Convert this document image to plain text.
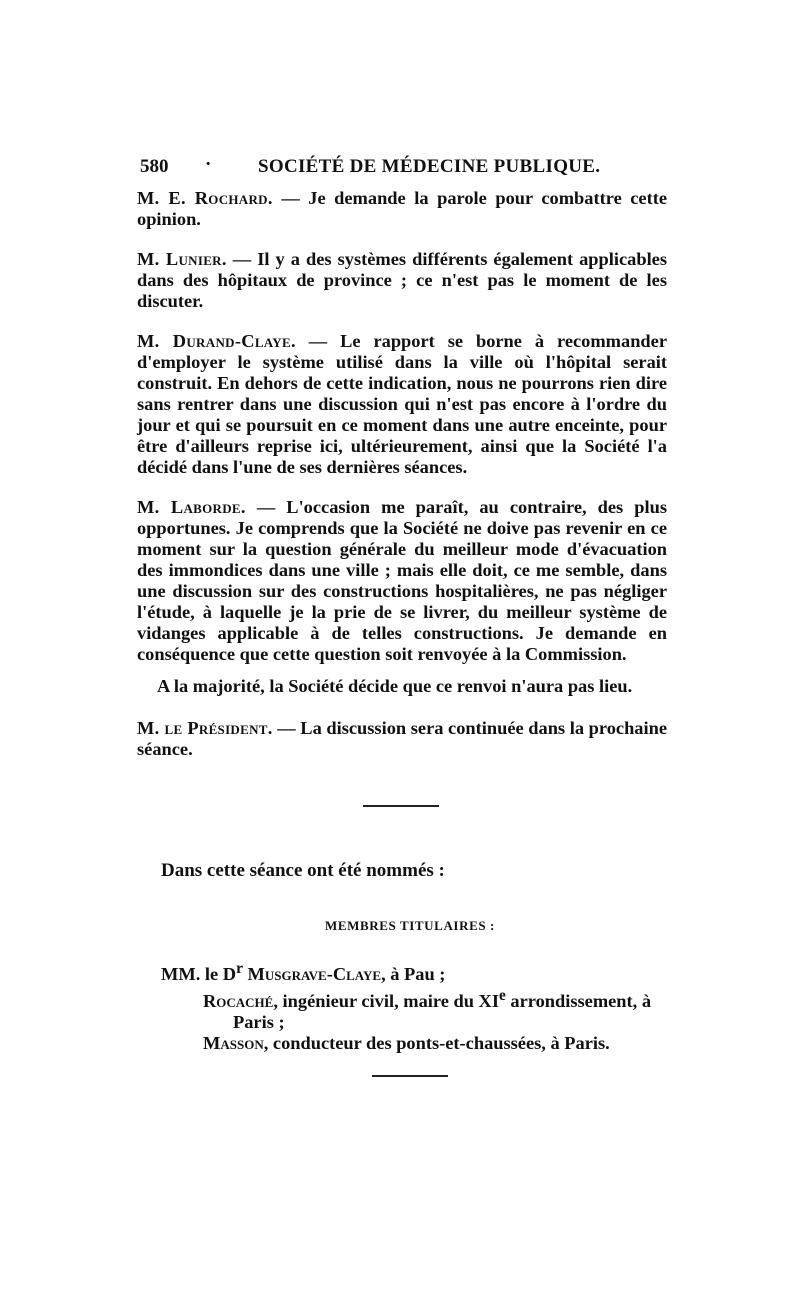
580 · SOCIÉTÉ DE MÉDECINE PUBLIQUE.

M. E. Rochard. — Je demande la parole pour combattre cette opinion.

M. Lunier. — Il y a des systèmes différents également applicables dans des hôpitaux de province ; ce n'est pas le moment de les discuter.

M. Durand-Claye. — Le rapport se borne à recommander d'employer le système utilisé dans la ville où l'hôpital serait construit. En dehors de cette indication, nous ne pourrons rien dire sans rentrer dans une discussion qui n'est pas encore à l'ordre du jour et qui se poursuit en ce moment dans une autre enceinte, pour être d'ailleurs reprise ici, ultérieurement, ainsi que la Société l'a décidé dans l'une de ses dernières séances.

M. Laborde. — L'occasion me paraît, au contraire, des plus opportunes. Je comprends que la Société ne doive pas revenir en ce moment sur la question générale du meilleur mode d'évacuation des immondices dans une ville ; mais elle doit, ce me semble, dans une discussion sur des constructions hospitalières, ne pas négliger l'étude, à laquelle je la prie de se livrer, du meilleur système de vidanges applicable à de telles constructions. Je demande en conséquence que cette question soit renvoyée à la Commission.

A la majorité, la Société décide que ce renvoi n'aura pas lieu.

M. le Président. — La discussion sera continuée dans la prochaine séance.

Dans cette séance ont été nommés :
MEMBRES TITULAIRES :

MM. le $D^r$ Musgrave-Claye, à Pau ;

Rocaché, ingénieur civil, maire du XIe arrondissement, à

Paris ;

Masson, conducteur des ponts-et-chaussées, à Paris.
